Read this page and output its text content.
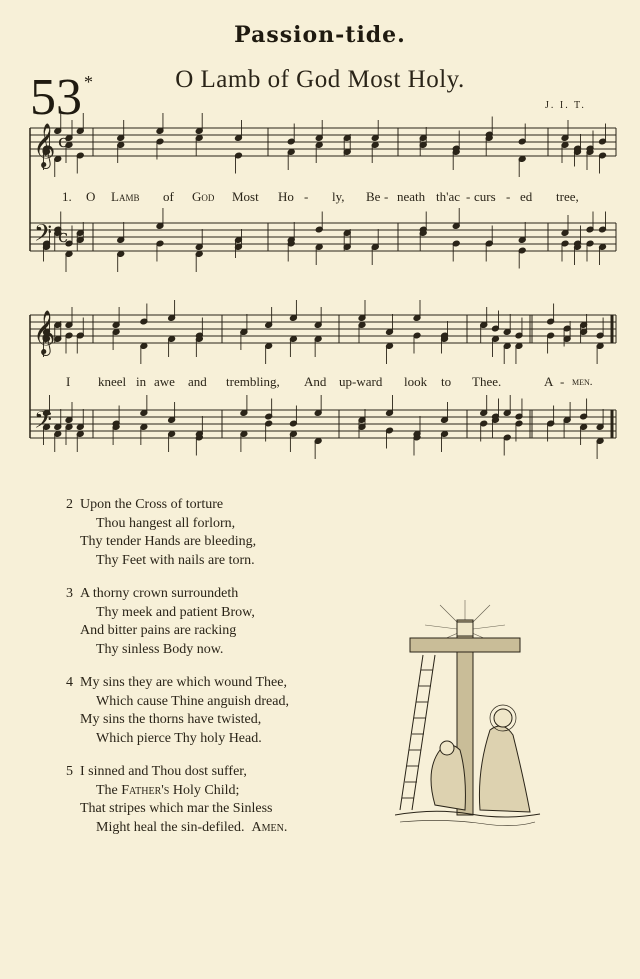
Passion-tide.
53 *	O Lamb of God Most Holy.
J. I. T.
𝄞
𝄢
c
c
𝄞
𝄢
1. O Lamb of God Most Ho - ly, Be - neath th'ac - curs - ed tree,
I kneel in awe and trembling, And up-ward look to Thee.	A - men.
2 Upon the Cross of torture
Thou hangest all forlorn,
Thy tender Hands are bleeding,
Thy Feet with nails are torn.
3 A thorny crown surroundeth
Thy meek and patient Brow,
And bitter pains are racking
Thy sinless Body now.
4 My sins they are which wound Thee,
Which cause Thine anguish dread,
My sins the thorns have twisted,
Which pierce Thy holy Head.
5 I sinned and Thou dost suffer,
The Father's Holy Child;
That stripes which mar the Sinless
Might heal the sin-defiled. Amen.
